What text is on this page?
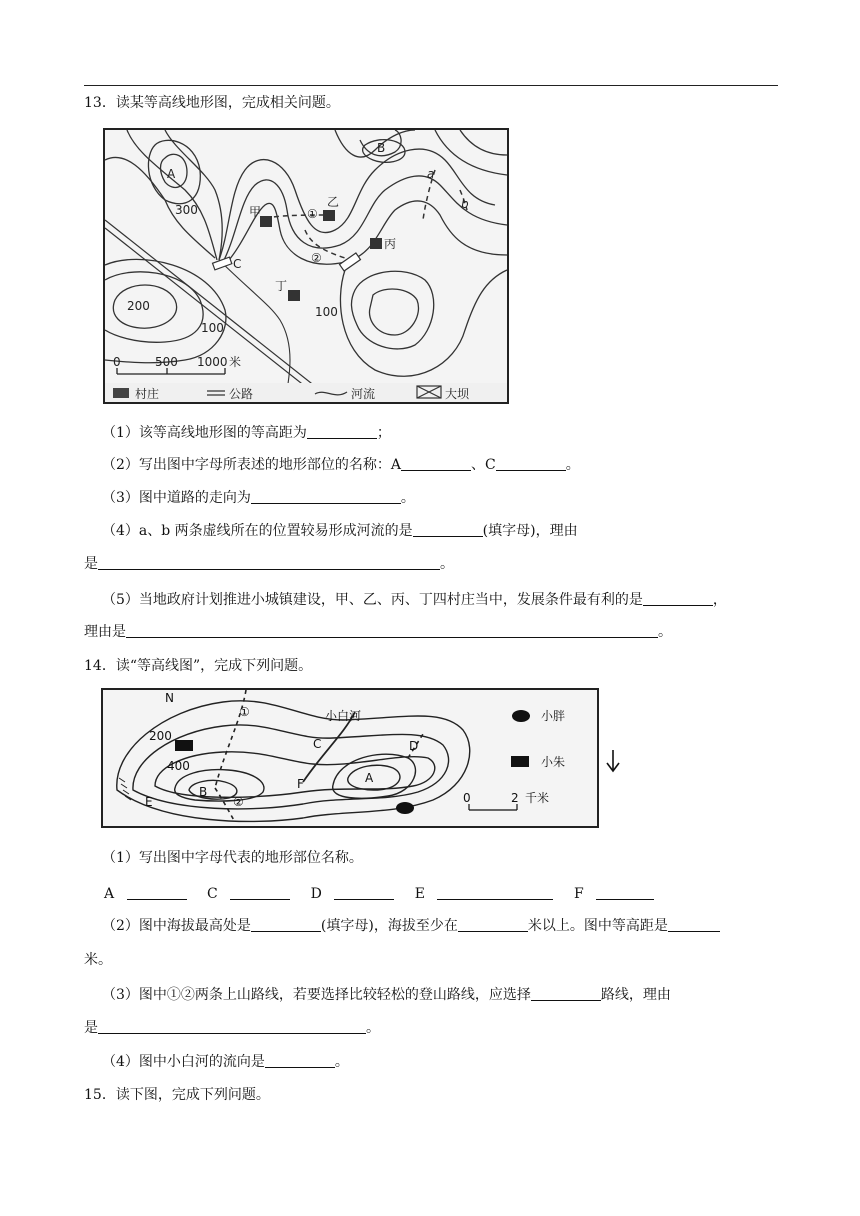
13．读某等高线地形图，完成相关问题。
A
B
C
a
b
300
200
100
100
甲
乙
丙
丁
①
②
0	500 1000 米
村庄	公路	河流	大坝
（1）该等高线地形图的等高距为	；
（2）写出图中字母所表述的地形部位的名称：A	、C	。
（3）图中道路的走向为	。
（4）a、b 两条虚线所在的位置较易形成河流的是	(填字母)，理由
是	。
（5）当地政府计划推进小城镇建设，甲、乙、丙、丁四村庄当中，发展条件最有利的是	，
理由是	。
14．读“等高线图”，完成下列问题。
N
200
400
B
A
C	D
E
F
小白河
①
②
小胖
小朱
0	2 千米
（1）写出图中字母代表的地形部位名称。
A	C	D	E	F
（2）图中海拔最高处是	(填字母)，海拔至少在	米以上。图中等高距是
米。
（3）图中①②两条上山路线，若要选择比较轻松的登山路线，应选择	路线，理由
是	。
（4）图中小白河的流向是	。
15．读下图，完成下列问题。
